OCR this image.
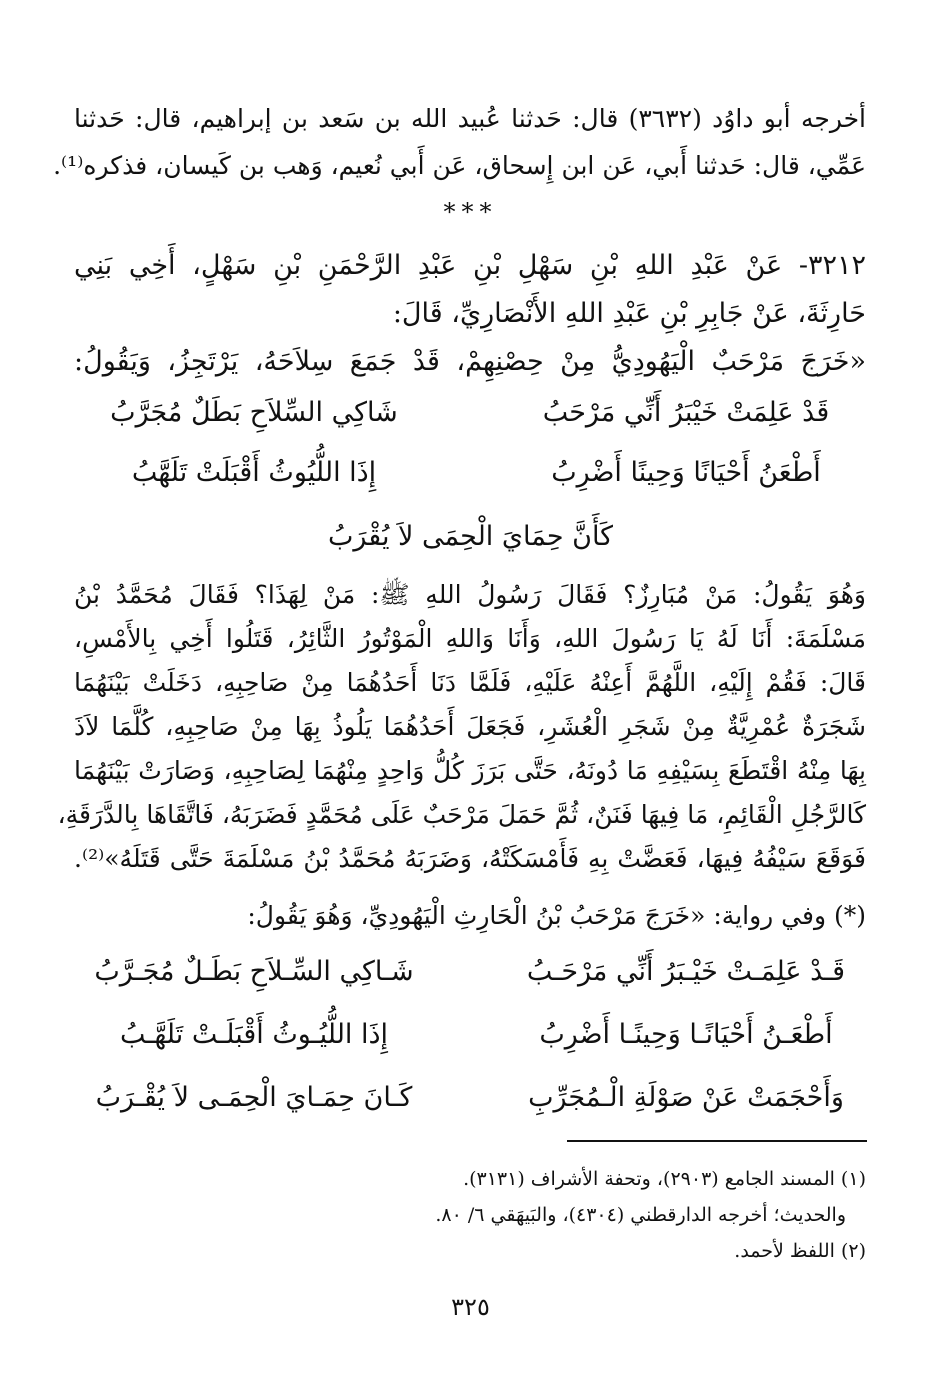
أخرجه أبو داوُد (٣٦٣٢) قال: حَدثنا عُبيد الله بن سَعد بن إبراهيم، قال: حَدثنا
عَمِّي، قال: حَدثنا أَبي، عَن ابن إِسحاق، عَن أَبي نُعيم، وَهب بن كَيسان، فذكره⁽¹⁾.
***
٣٢١٢- عَنْ عَبْدِ اللهِ بْنِ سَهْلِ بْنِ عَبْدِ الرَّحْمَنِ بْنِ سَهْلٍ، أَخِي بَنِي
حَارِثَةَ، عَنْ جَابِرِ بْنِ عَبْدِ اللهِ الأَنْصَارِيِّ، قَالَ:
«خَرَجَ مَرْحَبٌ الْيَهُودِيُّ مِنْ حِصْنِهِمْ، قَدْ جَمَعَ سِلاَحَهُ، يَرْتَجِزُ، وَيَقُولُ:
قَدْ عَلِمَتْ خَيْبَرُ أَنِّي مَرْحَبُ
شَاكِي السِّلاَحِ بَطَلٌ مُجَرَّبُ
أَطْعَنُ أَحْيَانًا وَحِينًا أَضْرِبُ
إِذَا اللُّيُوثُ أَقْبَلَتْ تَلَهَّبُ
كَأَنَّ حِمَايَ الْحِمَى لاَ يُقْرَبُ
وَهُوَ يَقُولُ: مَنْ مُبَارِزٌ؟ فَقَالَ رَسُولُ اللهِ ﷺ: مَنْ لِهَذَا؟ فَقَالَ مُحَمَّدُ بْنُ
مَسْلَمَةَ: أَنَا لَهُ يَا رَسُولَ اللهِ، وَأَنَا وَاللهِ الْمَوْتُورُ الثَّائِرُ، قَتَلُوا أَخِي بِالأَمْسِ،
قَالَ: فَقُمْ إِلَيْهِ، اللَّهُمَّ أَعِنْهُ عَلَيْهِ، فَلَمَّا دَنَا أَحَدُهُمَا مِنْ صَاحِبِهِ، دَخَلَتْ بَيْنَهُمَا
شَجَرَةٌ عُمْرِيَّةٌ مِنْ شَجَرِ الْعُشَرِ، فَجَعَلَ أَحَدُهُمَا يَلُوذُ بِهَا مِنْ صَاحِبِهِ، كُلَّمَا لاَذَ
بِهَا مِنْهُ اقْتَطَعَ بِسَيْفِهِ مَا دُونَهُ، حَتَّى بَرَزَ كُلُّ وَاحِدٍ مِنْهُمَا لِصَاحِبِهِ، وَصَارَتْ بَيْنَهُمَا
كَالرَّجُلِ الْقَائِمِ، مَا فِيهَا فَنَنٌ، ثُمَّ حَمَلَ مَرْحَبٌ عَلَى مُحَمَّدٍ فَضَرَبَهُ، فَاتَّقَاهَا بِالدَّرَقَةِ،
فَوَقَعَ سَيْفُهُ فِيهَا، فَعَضَّتْ بِهِ فَأَمْسَكَتْهُ، وَضَرَبَهُ مُحَمَّدُ بْنُ مَسْلَمَةَ حَتَّى قَتَلَهُ»⁽²⁾.
(*) وفي رواية: «خَرَجَ مَرْحَبُ بْنُ الْحَارِثِ الْيَهُودِيِّ، وَهُوَ يَقُولُ:
قَـدْ عَلِمَـتْ خَيْـبَرُ أَنِّي مَرْحَـبُ
شَـاكِي السِّـلاَحِ بَطَـلٌ مُجَـرَّبُ
أَطْعَـنُ أَحْيَانًـا وَحِينًـا أَضْرِبُ
إِذَا اللُّيُـوثُ أَقْبَلَـتْ تَلَهَّـبُ
وَأَحْجَمَتْ عَنْ صَوْلَةِ الْـمُجَرِّبِ
كَـانَ حِمَـايَ الْحِمَـى لاَ يُقْـرَبُ
(١) المسند الجامع (٢٩٠٣)، وتحفة الأشراف (٣١٣١).
والحديث؛ أخرجه الدارقطني (٤٣٠٤)، والبَيهَقي ٦/ ٨٠.
(٢) اللفظ لأحمد.
٣٢٥
